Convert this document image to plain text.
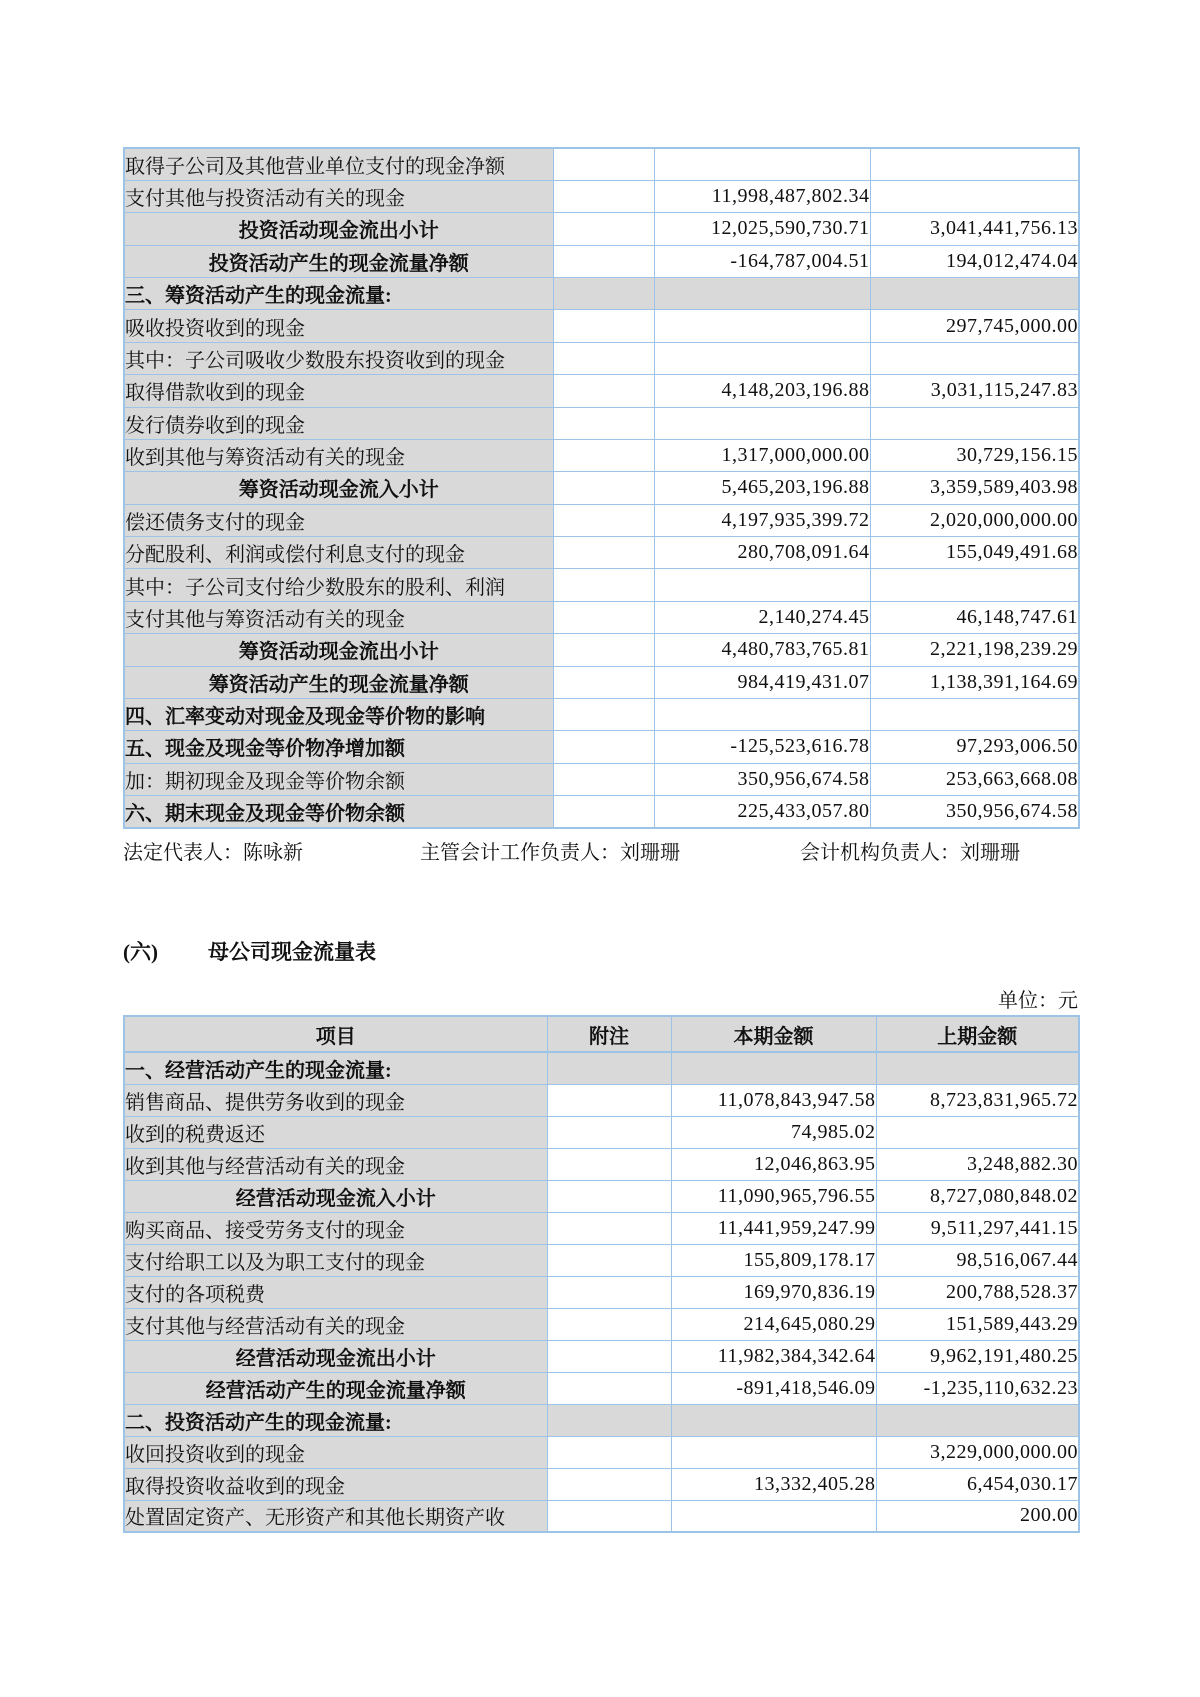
取得子公司及其他营业单位支付的现金净额			
支付其他与投资活动有关的现金		11,998,487,802.34	
投资活动现金流出小计		12,025,590,730.71	3,041,441,756.13
投资活动产生的现金流量净额		-164,787,004.51	194,012,474.04
三、筹资活动产生的现金流量:			
吸收投资收到的现金			297,745,000.00
其中：子公司吸收少数股东投资收到的现金			
取得借款收到的现金		4,148,203,196.88	3,031,115,247.83
发行债券收到的现金			
收到其他与筹资活动有关的现金		1,317,000,000.00	30,729,156.15
筹资活动现金流入小计		5,465,203,196.88	3,359,589,403.98
偿还债务支付的现金		4,197,935,399.72	2,020,000,000.00
分配股利、利润或偿付利息支付的现金		280,708,091.64	155,049,491.68
其中：子公司支付给少数股东的股利、利润			
支付其他与筹资活动有关的现金		2,140,274.45	46,148,747.61
筹资活动现金流出小计		4,480,783,765.81	2,221,198,239.29
筹资活动产生的现金流量净额		984,419,431.07	1,138,391,164.69
四、汇率变动对现金及现金等价物的影响			
五、现金及现金等价物净增加额		-125,523,616.78	97,293,006.50
加：期初现金及现金等价物余额		350,956,674.58	253,663,668.08
六、期末现金及现金等价物余额		225,433,057.80	350,956,674.58
法定代表人：陈咏新	主管会计工作负责人：刘珊珊	会计机构负责人：刘珊珊
(六) 母公司现金流量表
单位：元
项目	附注	本期金额	上期金额
一、经营活动产生的现金流量:			
销售商品、提供劳务收到的现金		11,078,843,947.58	8,723,831,965.72
收到的税费返还		74,985.02	
收到其他与经营活动有关的现金		12,046,863.95	3,248,882.30
经营活动现金流入小计		11,090,965,796.55	8,727,080,848.02
购买商品、接受劳务支付的现金		11,441,959,247.99	9,511,297,441.15
支付给职工以及为职工支付的现金		155,809,178.17	98,516,067.44
支付的各项税费		169,970,836.19	200,788,528.37
支付其他与经营活动有关的现金		214,645,080.29	151,589,443.29
经营活动现金流出小计		11,982,384,342.64	9,962,191,480.25
经营活动产生的现金流量净额		-891,418,546.09	-1,235,110,632.23
二、投资活动产生的现金流量:			
收回投资收到的现金			3,229,000,000.00
取得投资收益收到的现金		13,332,405.28	6,454,030.17
处置固定资产、无形资产和其他长期资产收			200.00
